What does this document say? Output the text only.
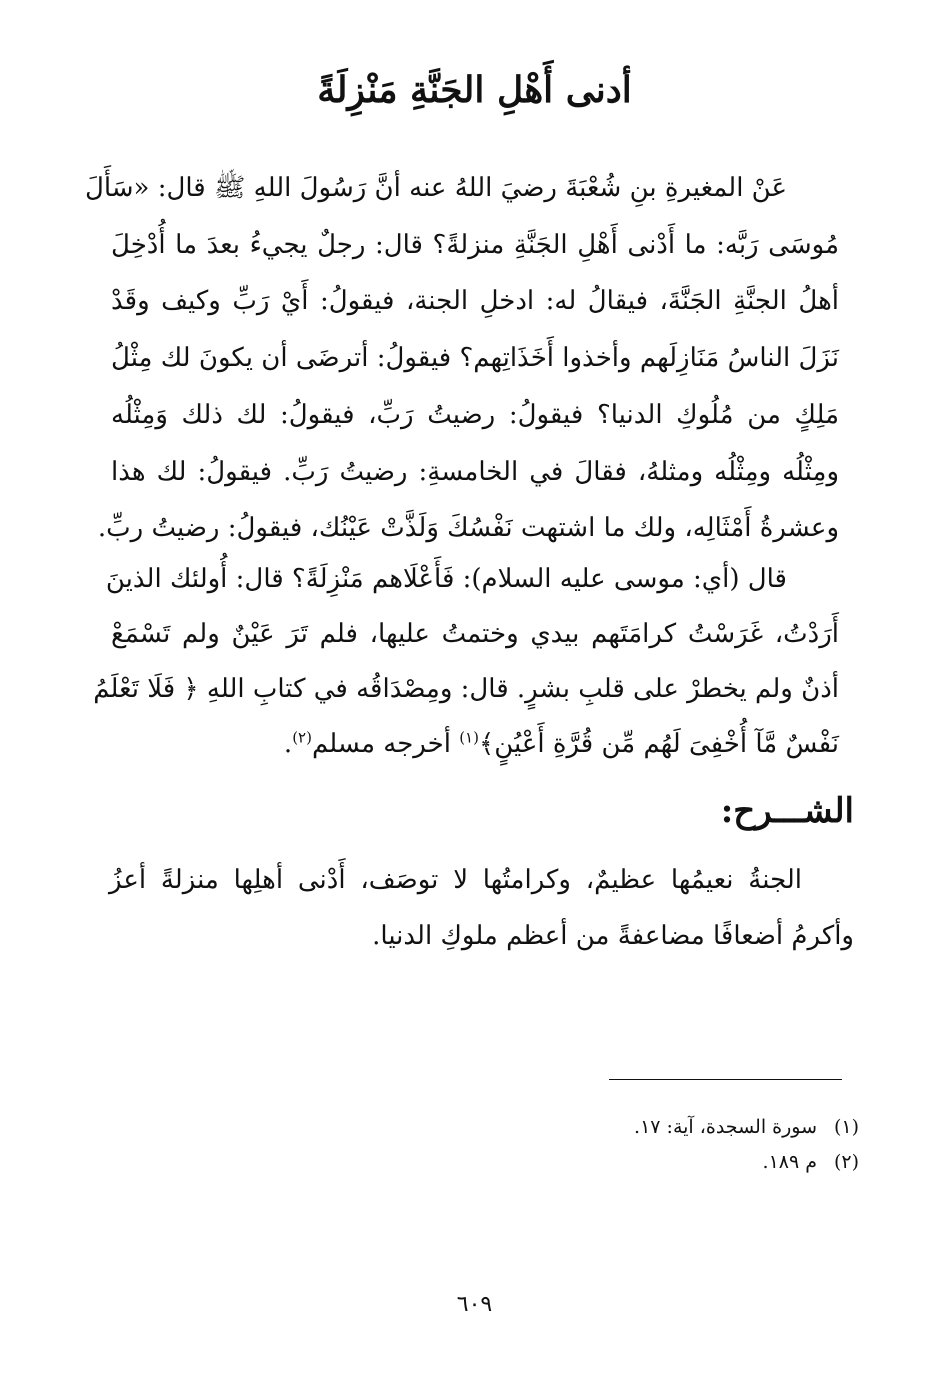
أدنى أَهْلِ الجَنَّةِ مَنْزِلَةً
عَنْ المغيرةِ بنِ شُعْبَةَ رضيَ اللهُ عنه أنَّ رَسُولَ اللهِ ﷺ قال: «سَأَلَ
مُوسَى رَبَّه: ما أَدْنى أَهْلِ الجَنَّةِ منزلةً؟ قال: رجلٌ يجيءُ بعدَ ما أُدْخِلَ
أهلُ الجنَّةِ الجَنَّةَ، فيقالُ له: ادخلِ الجنة، فيقولُ: أَيْ رَبِّ وكيف وقَدْ
نَزَلَ الناسُ مَنَازِلَهم وأخذوا أَخَذَاتِهم؟ فيقولُ: أترضَى أن يكونَ لك مِثْلُ
مَلِكٍ من مُلُوكِ الدنيا؟ فيقولُ: رضيتُ رَبِّ، فيقولُ: لك ذلك وَمِثْلُه
ومِثْلُه ومِثْلُه ومثلهُ، فقالَ في الخامسةِ: رضيتُ رَبِّ. فيقولُ: لك هذا
وعشرةُ أَمْثَالِه، ولك ما اشتهت نَفْسُكَ وَلَذَّتْ عَيْنُك، فيقولُ: رضيتُ ربِّ.
قال (أي: موسى عليه السلام): فَأَعْلَاهم مَنْزِلَةً؟ قال: أُولئك الذينَ
أَرَدْتُ، غَرَسْتُ كرامَتَهم بيدي وختمتُ عليها، فلم تَرَ عَيْنٌ ولم تَسْمَعْ
أذنٌ ولم يخطرْ على قلبِ بشرٍ. قال: ومِصْدَاقُه في كتابِ اللهِ ﴿ فَلَا تَعْلَمُ
نَفْسٌ مَّآ أُخْفِىَ لَهُم مِّن قُرَّةِ أَعْيُنٍ﴾$^{(١)}$ أخرجه مسلم$^{(٢)}$.
الشـــرح:
الجنةُ نعيمُها عظيمٌ، وكرامتُها لا توصَف، أَدْنى أهلِها منزلةً أعزُ
وأكرمُ أضعافًا مضاعفةً من أعظم ملوكِ الدنيا.
(١)سورة السجدة، آية: ١٧.
(٢)م ١٨٩.
٦٠٩
